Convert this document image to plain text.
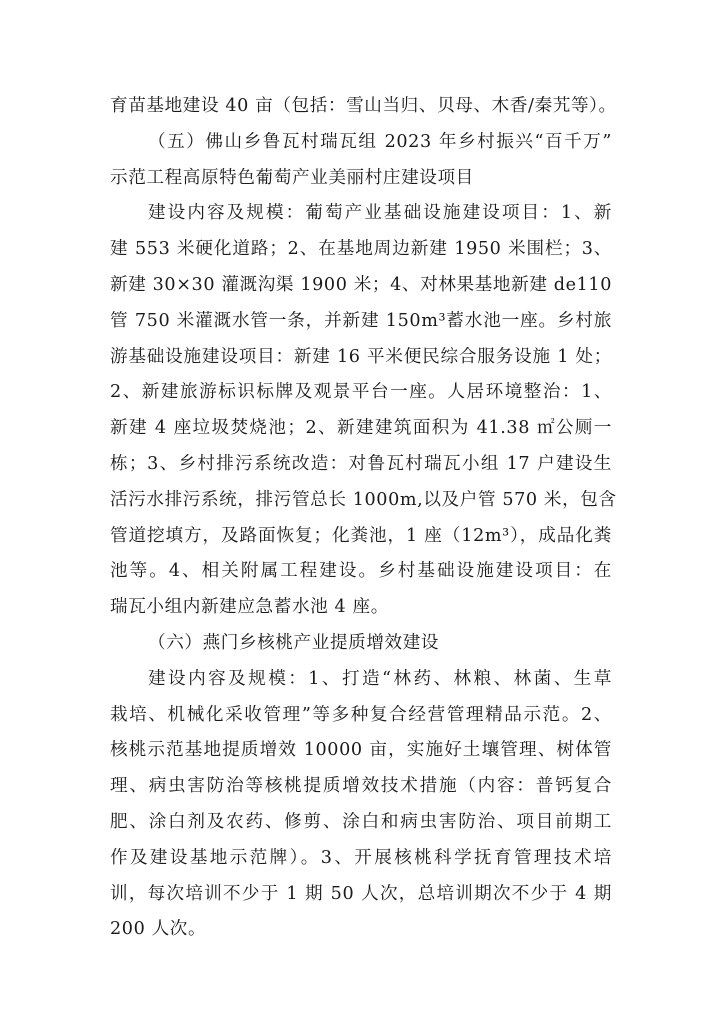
育苗基地建设 40 亩（包括：雪山当归、贝母、木香/秦艽等）。
（五）佛山乡鲁瓦村瑞瓦组 2023 年乡村振兴“百千万”
示范工程高原特色葡萄产业美丽村庄建设项目
建设内容及规模：葡萄产业基础设施建设项目：1、新
建 553 米硬化道路；2、在基地周边新建 1950 米围栏；3、
新建 30×30 灌溉沟渠 1900 米；4、对林果基地新建 de110
管 750 米灌溉水管一条，并新建 150m³蓄水池一座。乡村旅
游基础设施建设项目：新建 16 平米便民综合服务设施 1 处；
2、新建旅游标识标牌及观景平台一座。人居环境整治：1、
新建 4 座垃圾焚烧池；2、新建建筑面积为 41.38 ㎡公厕一
栋；3、乡村排污系统改造：对鲁瓦村瑞瓦小组 17 户建设生
活污水排污系统，排污管总长 1000m,以及户管 570 米，包含
管道挖填方，及路面恢复；化粪池，1 座（12m³），成品化粪
池等。4、相关附属工程建设。乡村基础设施建设项目：在
瑞瓦小组内新建应急蓄水池 4 座。
（六）燕门乡核桃产业提质增效建设
建设内容及规模：1、打造“林药、林粮、林菌、生草
栽培、机械化采收管理”等多种复合经营管理精品示范。2、
核桃示范基地提质增效 10000 亩，实施好土壤管理、树体管
理、病虫害防治等核桃提质增效技术措施（内容：普钙复合
肥、涂白剂及农药、修剪、涂白和病虫害防治、项目前期工
作及建设基地示范牌）。3、开展核桃科学抚育管理技术培
训，每次培训不少于 1 期 50 人次，总培训期次不少于 4 期
200 人次。
